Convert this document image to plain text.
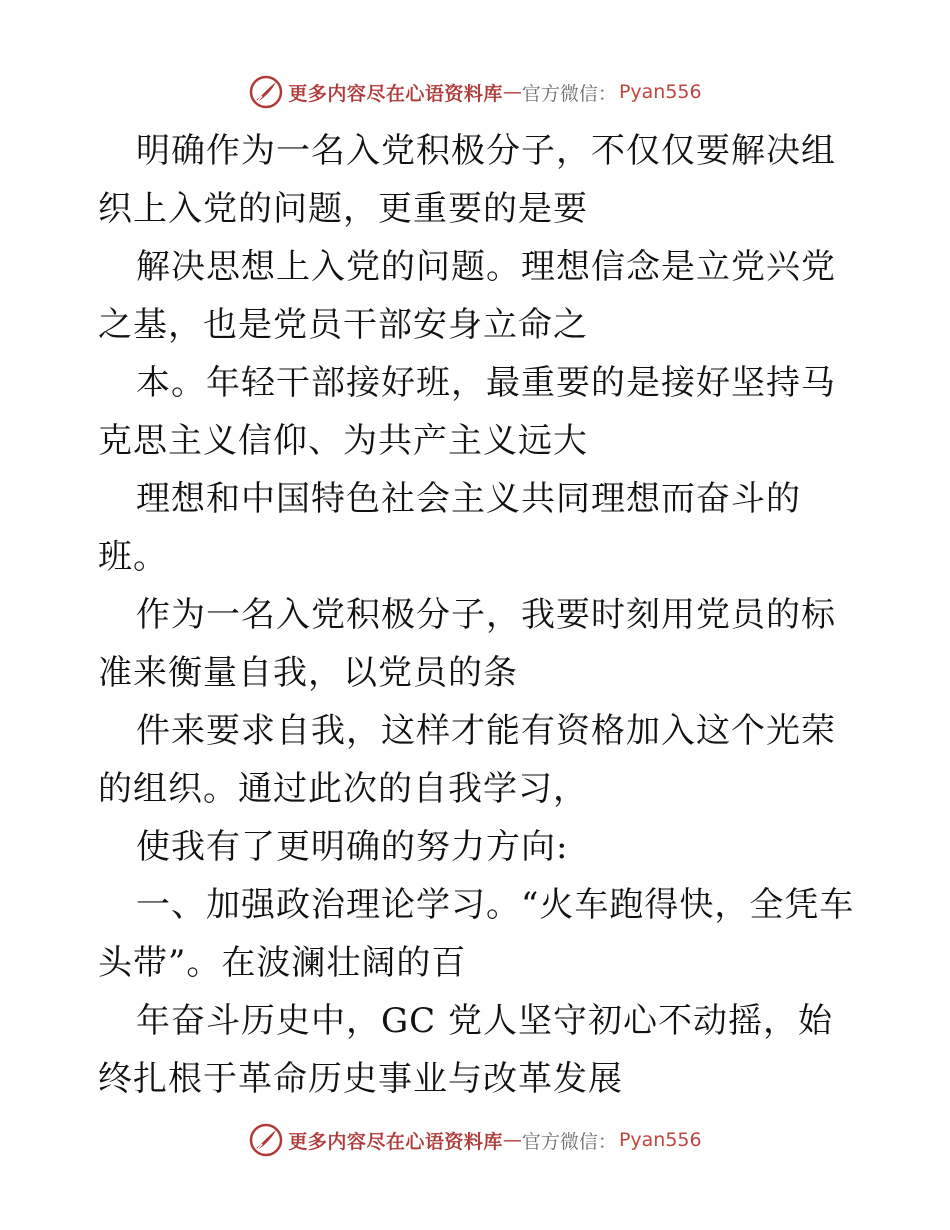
更多内容尽在心语资料库 — 官方微信 ： Pyan556

明确作为一名入党积极分子，不仅仅要解决组织上入党的问题，更重要的是要

解决思想上入党的问题。理想信念是立党兴党之基，也是党员干部安身立命之

本。年轻干部接好班，最重要的是接好坚持马克思主义信仰、为共产主义远大

理想和中国特色社会主义共同理想而奋斗的班。

作为一名入党积极分子，我要时刻用党员的标准来衡量自我，以党员的条

件来要求自我，这样才能有资格加入这个光荣的组织。通过此次的自我学习，

使我有了更明确的努力方向:

一、加强政治理论学习。“火车跑得快，全凭车头带”。在波澜壮阔的百

年奋斗历史中，GC 党人坚守初心不动摇，始终扎根于革命历史事业与改革发展

更多内容尽在心语资料库 — 官方微信 ： Pyan556
